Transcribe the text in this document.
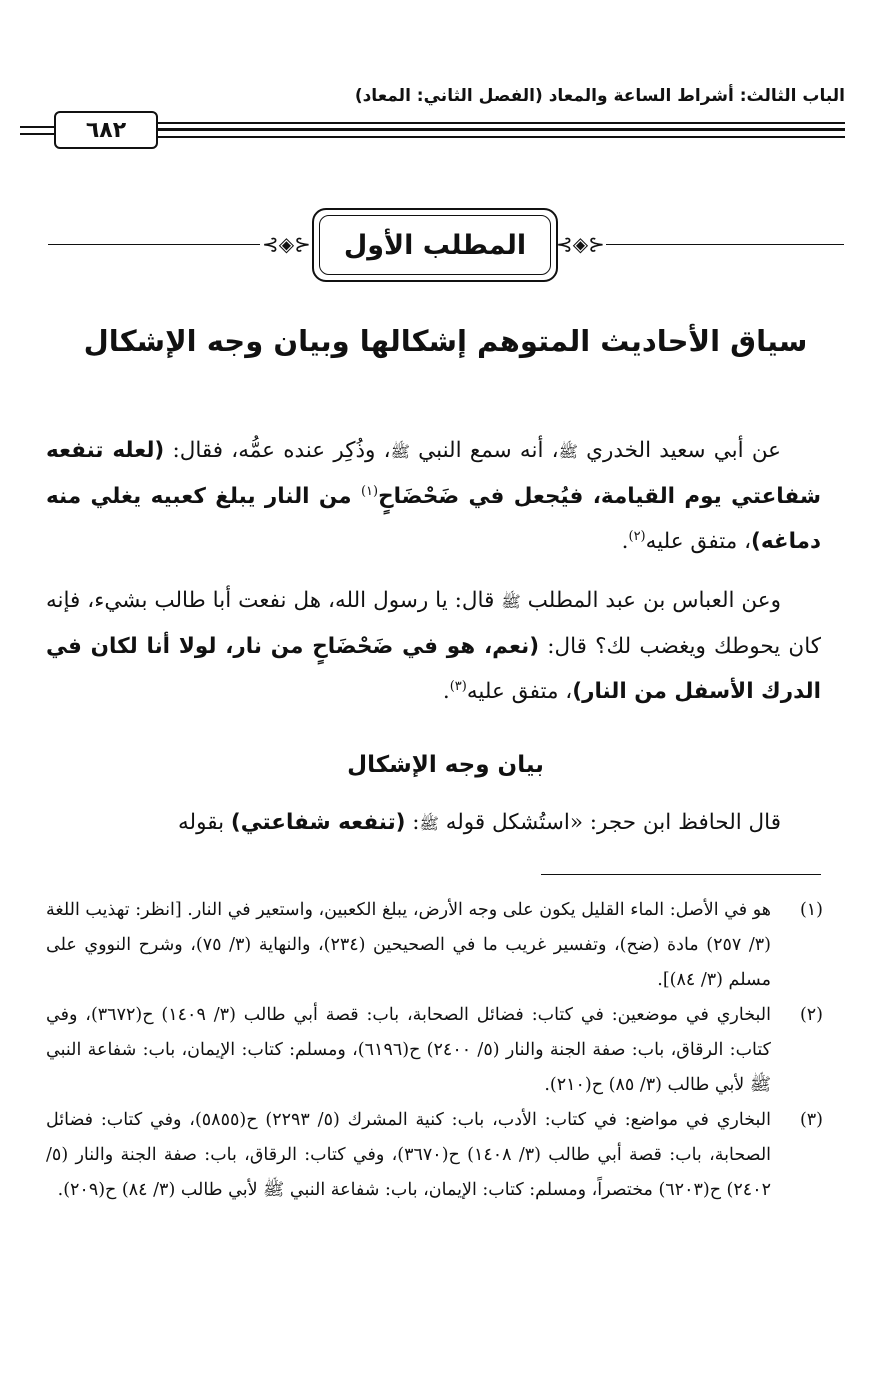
الباب الثالث: أشراط الساعة والمعاد (الفصل الثاني: المعاد)
٦٨٢
⊰◈⊱	المطلب الأول	⊰◈⊱
سياق الأحاديث المتوهم إشكالها وبيان وجه الإشكال
عن أبي سعيد الخدري ﷺ، أنه سمع النبي ﷺ، وذُكِر عنده عمُّه، فقال: (لعله تنفعه شفاعتي يوم القيامة، فيُجعل في ضَحْضَاحٍ$^{(١)}$ من النار يبلغ كعبيه يغلي منه دماغه)، متفق عليه$^{(٢)}$.
وعن العباس بن عبد المطلب ﷺ قال: يا رسول الله، هل نفعت أبا طالب بشيء، فإنه كان يحوطك ويغضب لك؟ قال: (نعم، هو في ضَحْضَاحٍ من نار، لولا أنا لكان في الدرك الأسفل من النار)، متفق عليه$^{(٣)}$.
بيان وجه الإشكال
قال الحافظ ابن حجر: «استُشكل قوله ﷺ: (تنفعه شفاعتي) بقوله
(١)
هو في الأصل: الماء القليل يكون على وجه الأرض، يبلغ الكعبين، واستعير في النار. [انظر: تهذيب اللغة (٣/ ٢٥٧) مادة (ضح)، وتفسير غريب ما في الصحيحين (٢٣٤)، والنهاية (٣/ ٧٥)، وشرح النووي على مسلم (٣/ ٨٤)].
(٢)
البخاري في موضعين: في كتاب: فضائل الصحابة، باب: قصة أبي طالب (٣/ ١٤٠٩) ح(٣٦٧٢)، وفي كتاب: الرقاق، باب: صفة الجنة والنار (٥/ ٢٤٠٠) ح(٦١٩٦)، ومسلم: كتاب: الإيمان، باب: شفاعة النبي ﷺ لأبي طالب (٣/ ٨٥) ح(٢١٠).
(٣)
البخاري في مواضع: في كتاب: الأدب، باب: كنية المشرك (٥/ ٢٢٩٣) ح(٥٨٥٥)، وفي كتاب: فضائل الصحابة، باب: قصة أبي طالب (٣/ ١٤٠٨) ح(٣٦٧٠)، وفي كتاب: الرقاق، باب: صفة الجنة والنار (٥/ ٢٤٠٢) ح(٦٢٠٣) مختصراً، ومسلم: كتاب: الإيمان، باب: شفاعة النبي ﷺ لأبي طالب (٣/ ٨٤) ح(٢٠٩).
